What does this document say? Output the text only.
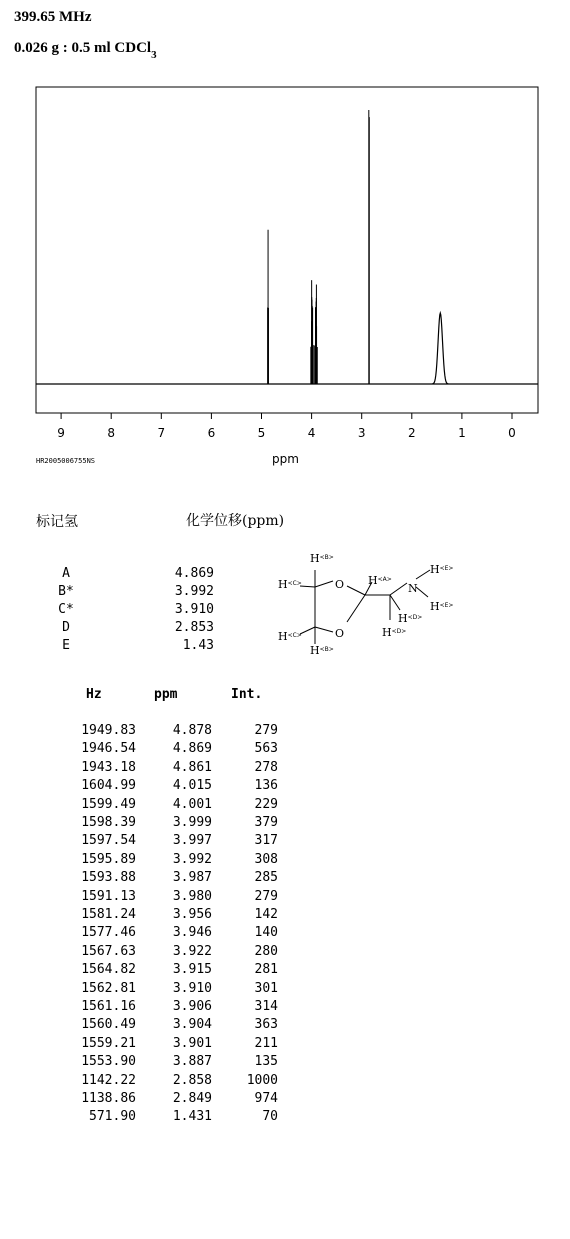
399.65 MHz
0.026 g : 0.5 ml CDCl$_3$
9	8	7	6	5	4	3	2	1	0
ppm
HR2005006755NS
标记氢	化学位移(ppm)
A	4.869
B*	3.992
C*	3.910
D	2.853
E	1.43
$H^{<B>}$
$H^{<C>}$	O
O
$H^{<A>}$
N
$H^{<E>}$
$H^{<E>}$
$H^{<D>}$
$H^{<D>}$
$H^{<C>}$
$H^{<B>}$
Hz	ppm	Int.
1949.83	4.878	279
1946.54	4.869	563
1943.18	4.861	278
1604.99	4.015	136
1599.49	4.001	229
1598.39	3.999	379
1597.54	3.997	317
1595.89	3.992	308
1593.88	3.987	285
1591.13	3.980	279
1581.24	3.956	142
1577.46	3.946	140
1567.63	3.922	280
1564.82	3.915	281
1562.81	3.910	301
1561.16	3.906	314
1560.49	3.904	363
1559.21	3.901	211
1553.90	3.887	135
1142.22	2.858	1000
1138.86	2.849	974
571.90	1.431	70
